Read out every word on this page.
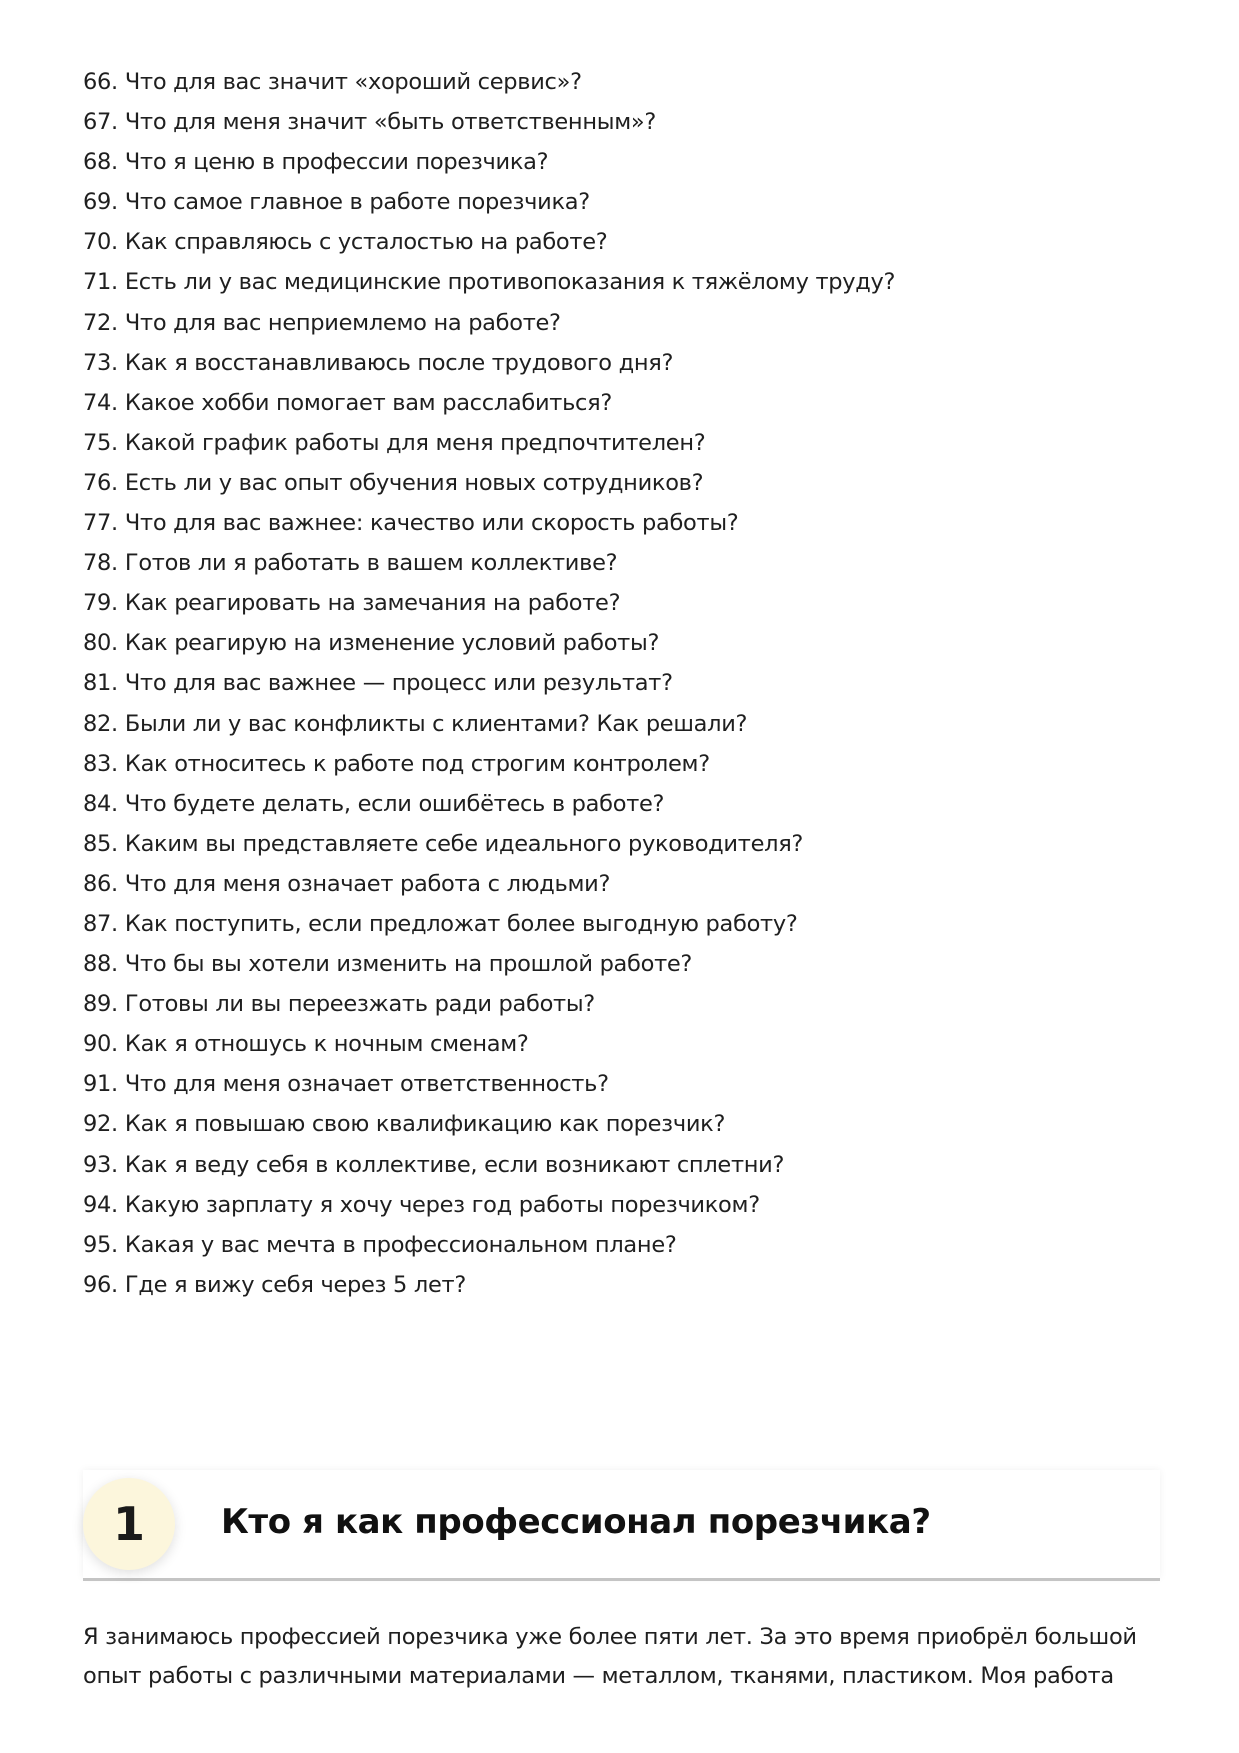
66. Что для вас значит «хороший сервис»?
67. Что для меня значит «быть ответственным»?
68. Что я ценю в профессии порезчика?
69. Что самое главное в работе порезчика?
70. Как справляюсь с усталостью на работе?
71. Есть ли у вас медицинские противопоказания к тяжёлому труду?
72. Что для вас неприемлемо на работе?
73. Как я восстанавливаюсь после трудового дня?
74. Какое хобби помогает вам расслабиться?
75. Какой график работы для меня предпочтителен?
76. Есть ли у вас опыт обучения новых сотрудников?
77. Что для вас важнее: качество или скорость работы?
78. Готов ли я работать в вашем коллективе?
79. Как реагировать на замечания на работе?
80. Как реагирую на изменение условий работы?
81. Что для вас важнее — процесс или результат?
82. Были ли у вас конфликты с клиентами? Как решали?
83. Как относитесь к работе под строгим контролем?
84. Что будете делать, если ошибётесь в работе?
85. Каким вы представляете себе идеального руководителя?
86. Что для меня означает работа с людьми?
87. Как поступить, если предложат более выгодную работу?
88. Что бы вы хотели изменить на прошлой работе?
89. Готовы ли вы переезжать ради работы?
90. Как я отношусь к ночным сменам?
91. Что для меня означает ответственность?
92. Как я повышаю свою квалификацию как порезчик?
93. Как я веду себя в коллективе, если возникают сплетни?
94. Какую зарплату я хочу через год работы порезчиком?
95. Какая у вас мечта в профессиональном плане?
96. Где я вижу себя через 5 лет?
1	Кто я как профессионал порезчика?

Я занимаюсь профессией порезчика уже более пяти лет. За это время приобрёл большой опыт работы с различными материалами — металлом, тканями, пластиком. Моя работа
